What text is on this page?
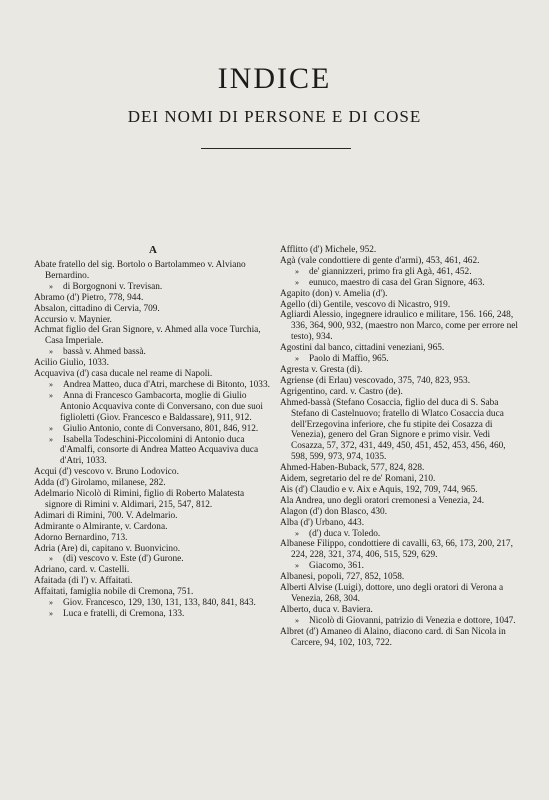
INDICE
DEI NOMI DI PERSONE E DI COSE
A

Abate fratello del sig. Bortolo o Bartolammeo v. Alviano Bernardino.

» di Borgognoni v. Trevisan.

Abramo (d') Pietro, 778, 944.

Absalon, cittadino di Cervia, 709.

Accursio v. Maynier.

Achmat figlio del Gran Signore, v. Ahmed alla voce Turchia, Casa Imperiale.

» bassà v. Ahmed bassà.

Acilio Giulio, 1033.

Acquaviva (d') casa ducale nel reame di Napoli.

» Andrea Matteo, duca d'Atri, marchese di Bitonto, 1033.

» Anna di Francesco Gambacorta, moglie di Giulio Antonio Acquaviva conte di Conversano, con due suoi figlioletti (Giov. Francesco e Baldassare), 911, 912.

» Giulio Antonio, conte di Conversano, 801, 846, 912.

» Isabella Todeschini-Piccolomini di Antonio duca d'Amalfi, consorte di Andrea Matteo Acquaviva duca d'Atri, 1033.

Acqui (d') vescovo v. Bruno Lodovico.

Adda (d') Girolamo, milanese, 282.

Adelmario Nicolò di Rimini, figlio di Roberto Malatesta signore di Rimini v. Aldimari, 215, 547, 812.

Adimari di Rimini, 700. V. Adelmario.

Admirante o Almirante, v. Cardona.

Adorno Bernardino, 713.

Adria (Are) di, capitano v. Buonvicino.

» (di) vescovo v. Este (d') Gurone.

Adriano, card. v. Castelli.

Afaitada (di l') v. Affaitati.

Affaitati, famiglia nobile di Cremona, 751.

» Giov. Francesco, 129, 130, 131, 133, 840, 841, 843.

» Luca e fratelli, di Cremona, 133.

Afflitto (d') Michele, 952.

Agà (vale condottiere di gente d'armi), 453, 461, 462.

» de' giannizzeri, primo fra gli Agà, 461, 452.

» eunuco, maestro di casa del Gran Signore, 463.

Agapito (don) v. Amelia (d').

Agello (di) Gentile, vescovo di Nicastro, 919.

Agliardi Alessio, ingegnere idraulico e militare, 156. 166, 248, 336, 364, 900, 932, (maestro non Marco, come per errore nel testo), 934.

Agostini dal banco, cittadini veneziani, 965.

» Paolo di Maffio, 965.

Agresta v. Gresta (di).

Agriense (di Erlau) vescovado, 375, 740, 823, 953.

Agrigentino, card. v. Castro (de).

Ahmed-bassà (Stefano Cosaccia, figlio del duca di S. Saba Stefano di Castelnuovo; fratello di Wlatco Cosaccia duca dell'Erzegovina inferiore, che fu stipite dei Cosazza di Venezia), genero del Gran Signore e primo visir. Vedi Cosazza, 57, 372, 431, 449, 450, 451, 452, 453, 456, 460, 598, 599, 973, 974, 1035.

Ahmed-Haben-Buback, 577, 824, 828.

Aidem, segretario del re de' Romani, 210.

Ais (d') Claudio e v. Aix e Aquis, 192, 709, 744, 965.

Ala Andrea, uno degli oratori cremonesi a Venezia, 24.

Alagon (d') don Blasco, 430.

Alba (d') Urbano, 443.

» (d') duca v. Toledo.

Albanese Filippo, condottiere di cavalli, 63, 66, 173, 200, 217, 224, 228, 321, 374, 406, 515, 529, 629.

» Giacomo, 361.

Albanesi, popoli, 727, 852, 1058.

Alberti Alvise (Luigi), dottore, uno degli oratori di Verona a Venezia, 268, 304.

Alberto, duca v. Baviera.

» Nicolò di Giovanni, patrizio di Venezia e dottore, 1047.

Albret (d') Amaneo di Alaino, diacono card. di San Nicola in Carcere, 94, 102, 103, 722.
